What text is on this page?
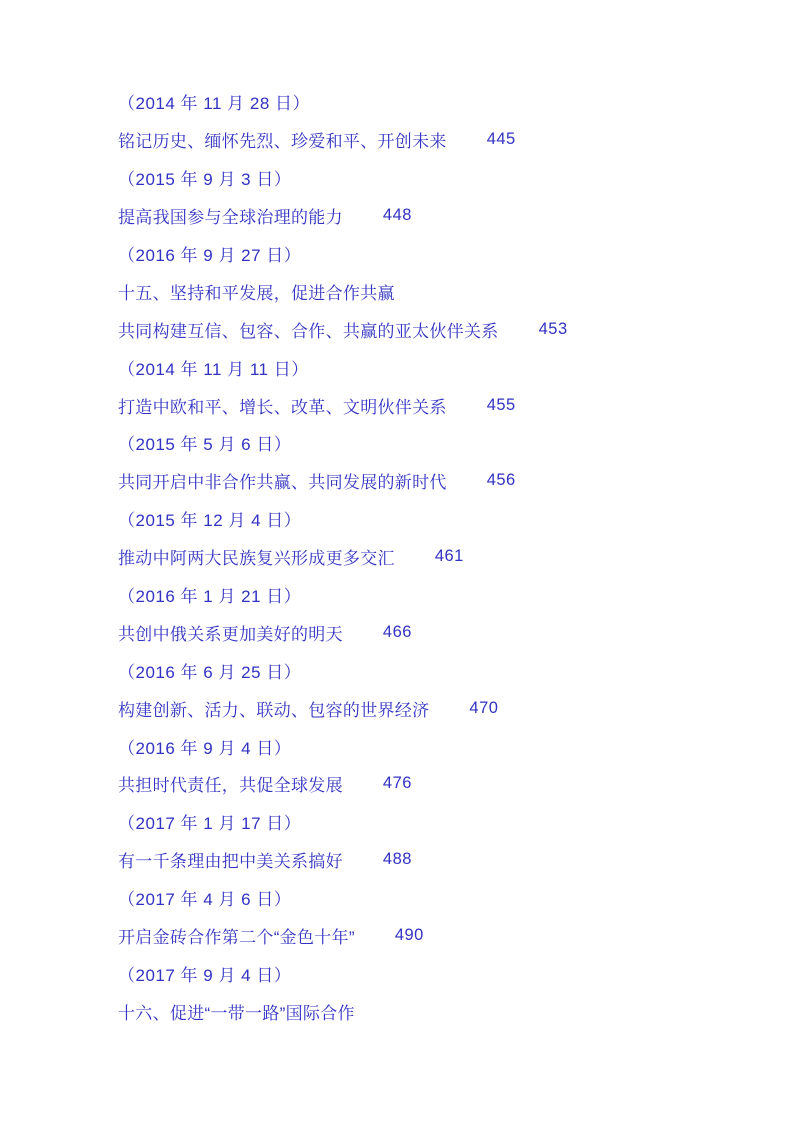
（2014 年 11 月 28 日）
铭记历史、缅怀先烈、珍爱和平、开创未来 445
（2015 年 9 月 3 日）
提高我国参与全球治理的能力 448
（2016 年 9 月 27 日）
十五、坚持和平发展，促进合作共赢
共同构建互信、包容、合作、共赢的亚太伙伴关系 453
（2014 年 11 月 11 日）
打造中欧和平、增长、改革、文明伙伴关系 455
（2015 年 5 月 6 日）
共同开启中非合作共赢、共同发展的新时代 456
（2015 年 12 月 4 日）
推动中阿两大民族复兴形成更多交汇 461
（2016 年 1 月 21 日）
共创中俄关系更加美好的明天 466
（2016 年 6 月 25 日）
构建创新、活力、联动、包容的世界经济 470
（2016 年 9 月 4 日）
共担时代责任，共促全球发展 476
（2017 年 1 月 17 日）
有一千条理由把中美关系搞好 488
（2017 年 4 月 6 日）
开启金砖合作第二个“金色十年” 490
（2017 年 9 月 4 日）
十六、促进“一带一路”国际合作
